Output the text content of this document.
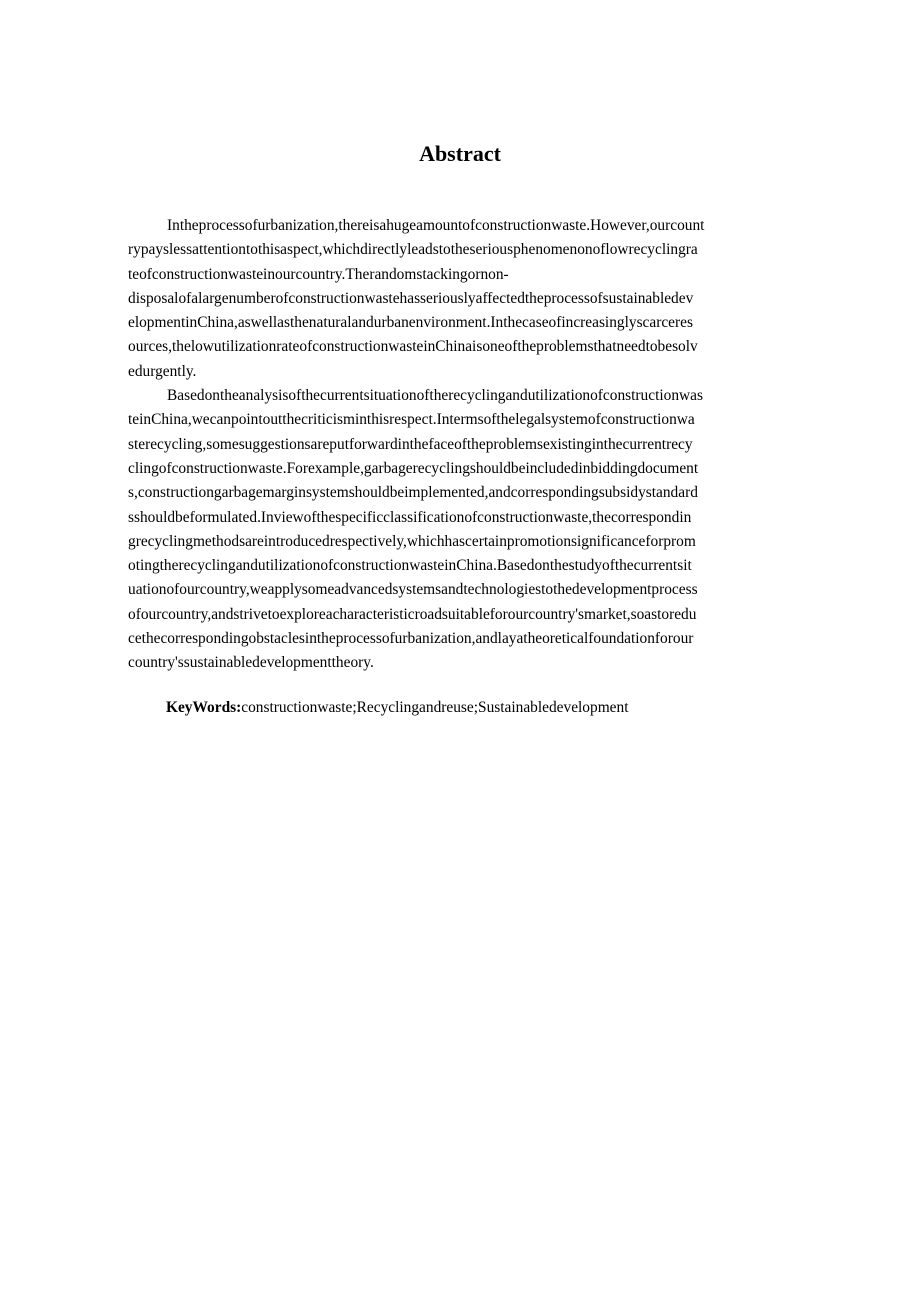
Abstract
Intheprocessofurbanization,thereisahugeamountofconstructionwaste.However,ourcount
rypayslessattentiontothisaspect,whichdirectlyleadstotheseriousphenomenonoflowrecyclingra
teofconstructionwasteinourcountry.Therandomstackingornon-
disposalofalargenumberofconstructionwastehasseriouslyaffectedtheprocessofsustainabledev
elopmentinChina,aswellasthenaturalandurbanenvironment.Inthecaseofincreasinglyscarceres
ources,thelowutilizationrateofconstructionwasteinChinaisoneoftheproblemsthatneedtobesolv
edurgently.
Basedontheanalysisofthecurrentsituationoftherecyclingandutilizationofconstructionwas
teinChina,wecanpointoutthecriticisminthisrespect.Intermsofthelegalsystemofconstructionwa
sterecycling,somesuggestionsareputforwardinthefaceoftheproblemsexistinginthecurrentrecy
clingofconstructionwaste.Forexample,garbagerecyclingshouldbeincludedinbiddingdocument
s,constructiongarbagemarginsystemshouldbeimplemented,andcorrespondingsubsidystandard
sshouldbeformulated.Inviewofthespecificclassificationofconstructionwaste,thecorrespondin
grecyclingmethodsareintroducedrespectively,whichhascertainpromotionsignificanceforprom
otingtherecyclingandutilizationofconstructionwasteinChina.Basedonthestudyofthecurrentsit
uationofourcountry,weapplysomeadvancedsystemsandtechnologiestothedevelopmentprocess
ofourcountry,andstrivetoexploreacharacteristicroadsuitableforourcountry'smarket,soastoredu
cethecorrespondingobstaclesintheprocessofurbanization,andlayatheoreticalfoundationforour
country'ssustainabledevelopmenttheory.
KeyWords:constructionwaste;Recyclingandreuse;Sustainabledevelopment
